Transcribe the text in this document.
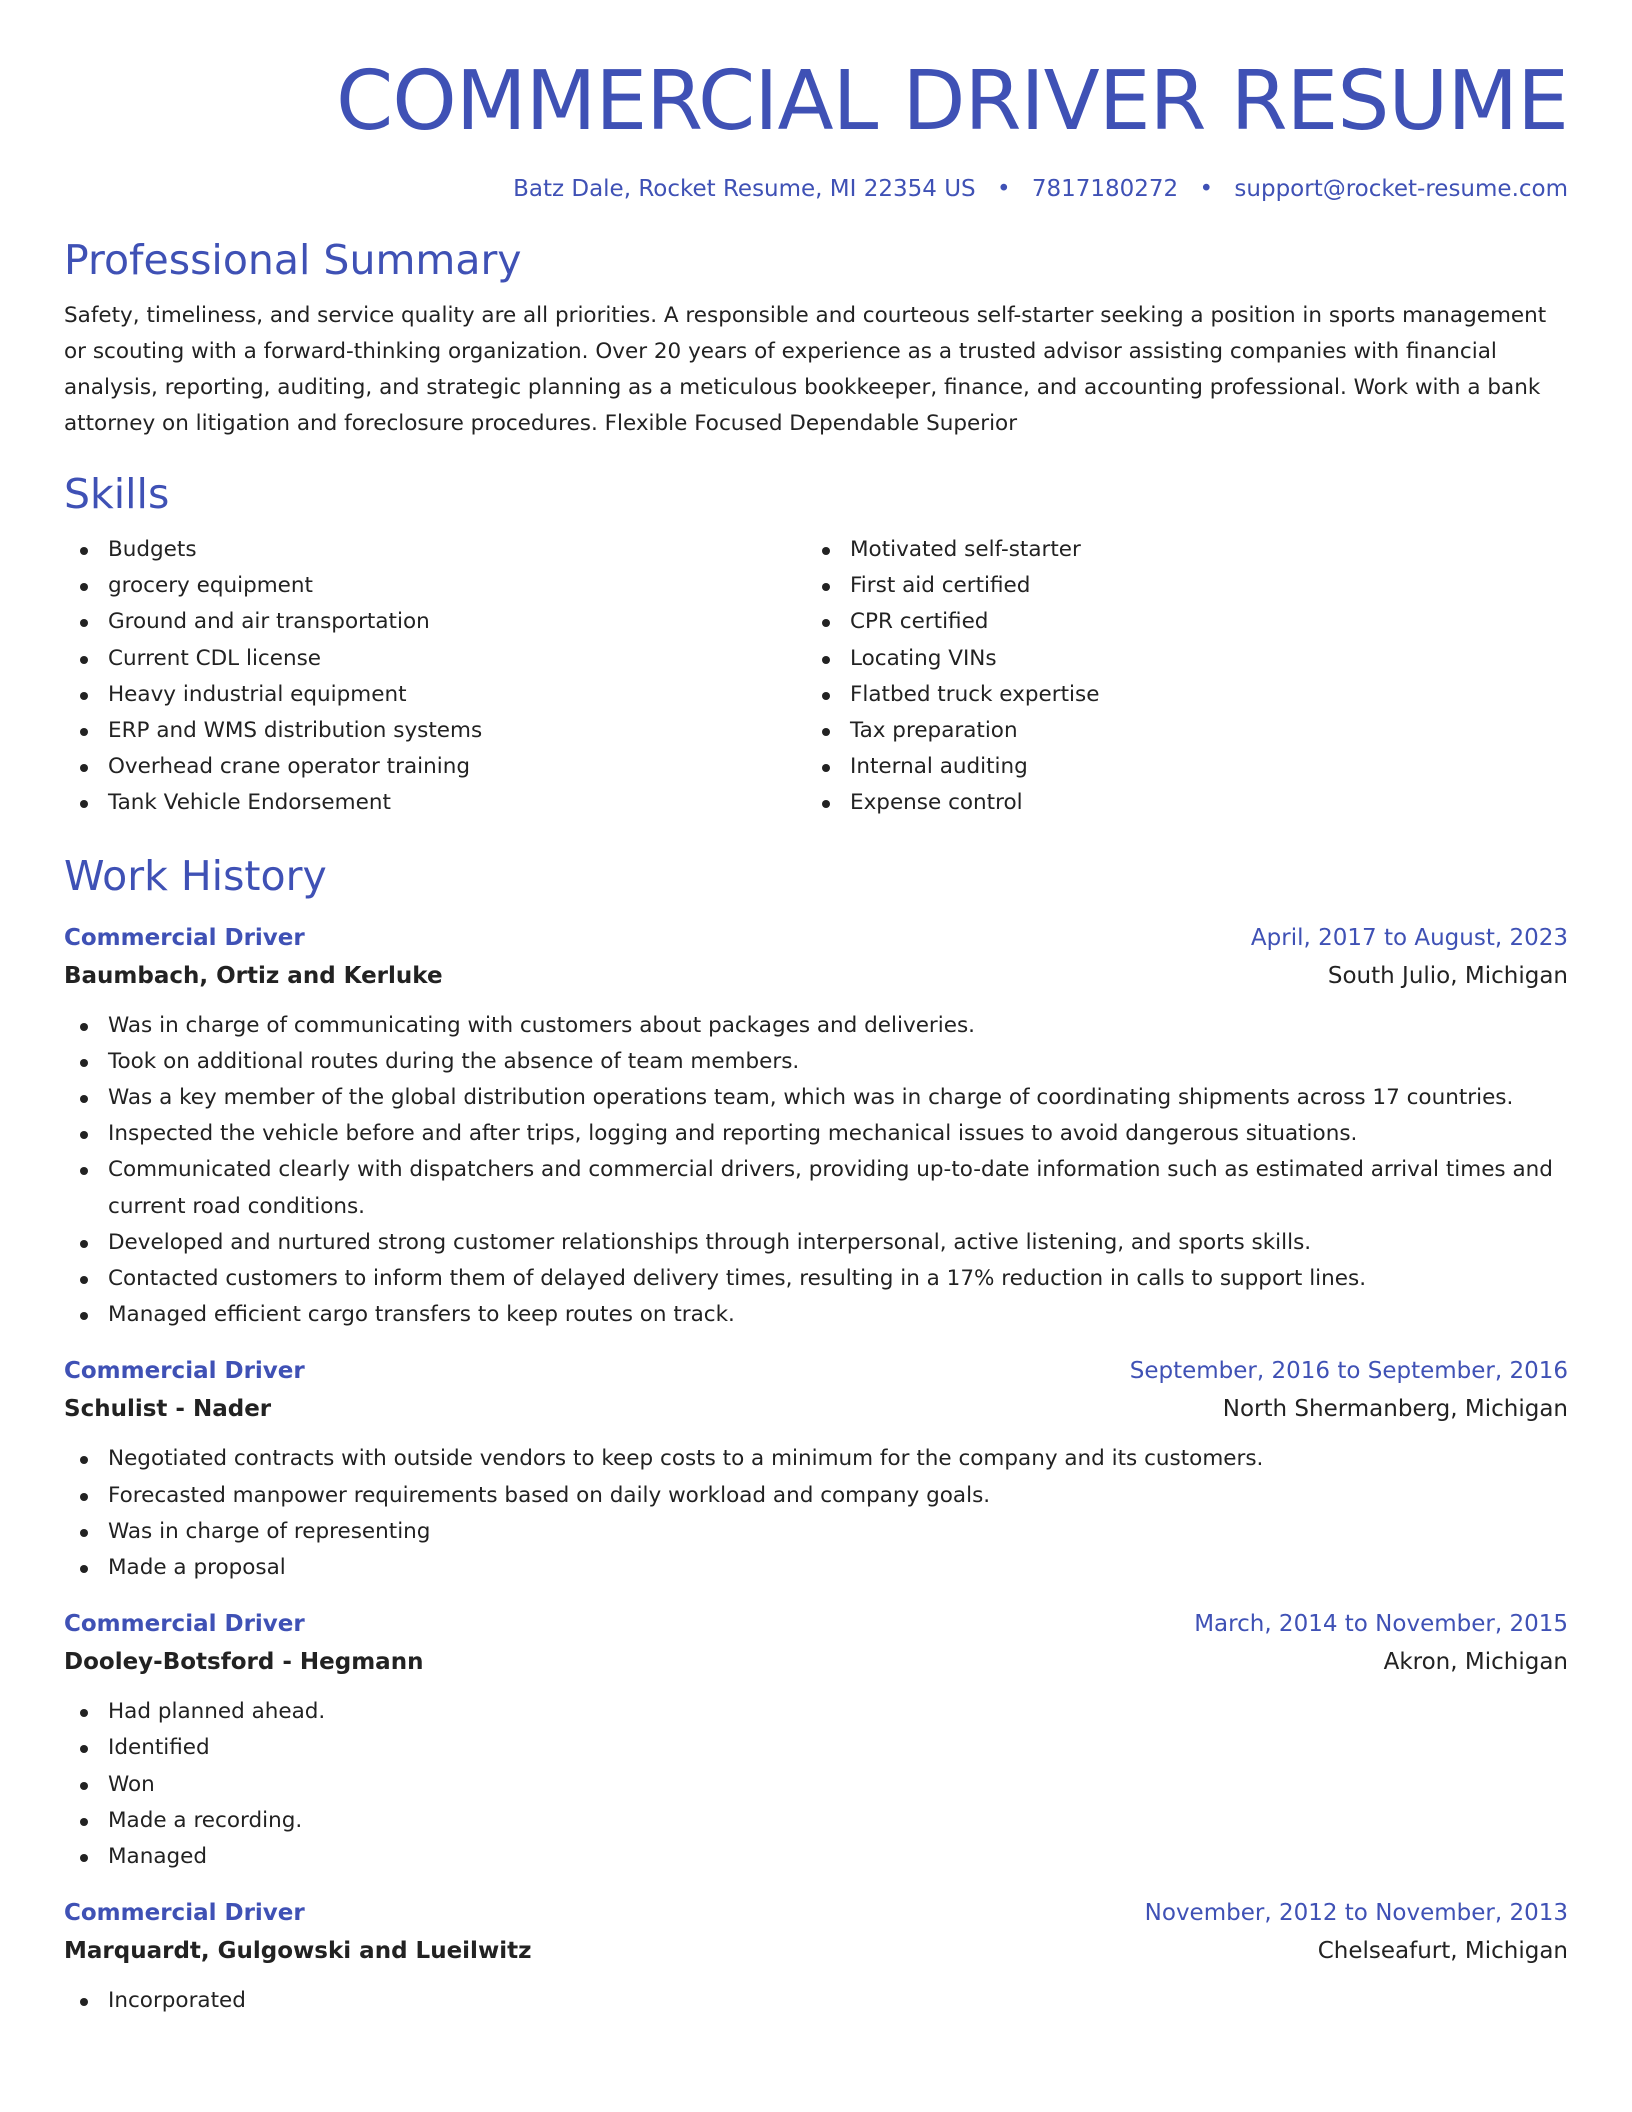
COMMERCIAL DRIVER RESUME
Batz Dale, Rocket Resume, MI 22354 US • 7817180272 • support@rocket-resume.com
Professional Summary

Safety, timeliness, and service quality are all priorities. A responsible and courteous self-starter seeking a position in sports management or scouting with a forward-thinking organization. Over 20 years of experience as a trusted advisor assisting companies with financial analysis, reporting, auditing, and strategic planning as a meticulous bookkeeper, finance, and accounting professional. Work with a bank attorney on litigation and foreclosure procedures. Flexible Focused Dependable Superior

Skills
Budgets
grocery equipment
Ground and air transportation
Current CDL license
Heavy industrial equipment
ERP and WMS distribution systems
Overhead crane operator training
Tank Vehicle Endorsement
Motivated self-starter
First aid certified
CPR certified
Locating VINs
Flatbed truck expertise
Tax preparation
Internal auditing
Expense control
Work History
Commercial Driver	April, 2017 to August, 2023
Baumbach, Ortiz and Kerluke	South Julio, Michigan
Was in charge of communicating with customers about packages and deliveries.
Took on additional routes during the absence of team members.
Was a key member of the global distribution operations team, which was in charge of coordinating shipments across 17 countries.
Inspected the vehicle before and after trips, logging and reporting mechanical issues to avoid dangerous situations.
Communicated clearly with dispatchers and commercial drivers, providing up-to-date information such as estimated arrival times and current road conditions.
Developed and nurtured strong customer relationships through interpersonal, active listening, and sports skills.
Contacted customers to inform them of delayed delivery times, resulting in a 17% reduction in calls to support lines.
Managed efficient cargo transfers to keep routes on track.
Commercial Driver	September, 2016 to September, 2016
Schulist - Nader	North Shermanberg, Michigan
Negotiated contracts with outside vendors to keep costs to a minimum for the company and its customers.
Forecasted manpower requirements based on daily workload and company goals.
Was in charge of representing
Made a proposal
Commercial Driver	March, 2014 to November, 2015
Dooley-Botsford - Hegmann	Akron, Michigan
Had planned ahead.
Identified
Won
Made a recording.
Managed
Commercial Driver	November, 2012 to November, 2013
Marquardt, Gulgowski and Lueilwitz	Chelseafurt, Michigan
Incorporated
